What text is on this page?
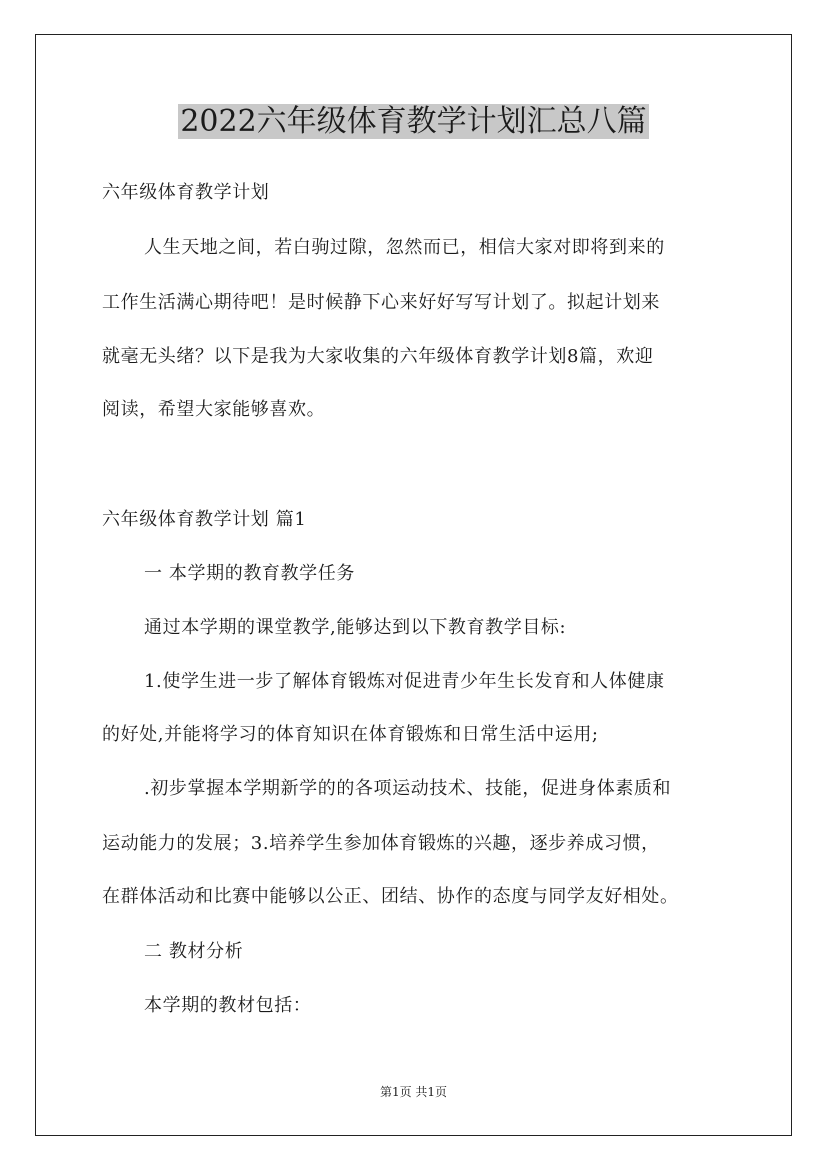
2022六年级体育教学计划汇总八篇
六年级体育教学计划
人生天地之间，若白驹过隙，忽然而已，相信大家对即将到来的
工作生活满心期待吧！是时候静下心来好好写写计划了。拟起计划来
就毫无头绪？以下是我为大家收集的六年级体育教学计划8篇，欢迎
阅读，希望大家能够喜欢。
六年级体育教学计划 篇1
一 本学期的教育教学任务
通过本学期的课堂教学,能够达到以下教育教学目标:
1.使学生进一步了解体育锻炼对促进青少年生长发育和人体健康
的好处,并能将学习的体育知识在体育锻炼和日常生活中运用;
.初步掌握本学期新学的的各项运动技术、技能，促进身体素质和
运动能力的发展；3.培养学生参加体育锻炼的兴趣，逐步养成习惯，
在群体活动和比赛中能够以公正、团结、协作的态度与同学友好相处。
二 教材分析
本学期的教材包括：
第1页 共1页
